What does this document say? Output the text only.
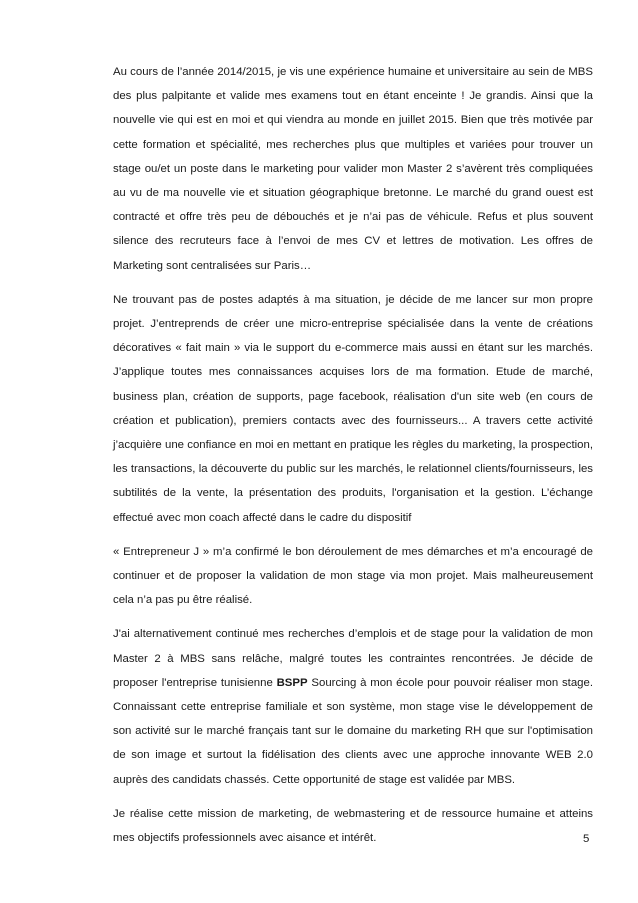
Au cours de l’année 2014/2015, je vis une expérience humaine et universitaire au sein de MBS des plus palpitante et valide mes examens tout en étant enceinte ! Je grandis. Ainsi que la nouvelle vie qui est en moi et qui viendra au monde en juillet 2015. Bien que très motivée par cette formation et spécialité, mes recherches plus que multiples et variées pour trouver un stage ou/et un poste dans le marketing pour valider mon Master 2 s’avèrent très compliquées au vu de ma nouvelle vie et situation géographique bretonne. Le marché du grand ouest est contracté et offre très peu de débouchés et je n’ai pas de véhicule. Refus et plus souvent silence des recruteurs face à l’envoi de mes CV et lettres de motivation. Les offres de Marketing sont centralisées sur Paris…

Ne trouvant pas de postes adaptés à ma situation, je décide de me lancer sur mon propre projet. J’entreprends de créer une micro-entreprise spécialisée dans la vente de créations décoratives « fait main » via le support du e-commerce mais aussi en étant sur les marchés. J’applique toutes mes connaissances acquises lors de ma formation. Etude de marché, business plan, création de supports, page facebook, réalisation d'un site web (en cours de création et publication), premiers contacts avec des fournisseurs... A travers cette activité j’acquière une confiance en moi en mettant en pratique les règles du marketing, la prospection, les transactions, la découverte du public sur les marchés, le relationnel clients/fournisseurs, les subtilités de la vente, la présentation des produits, l'organisation et la gestion. L’échange effectué avec mon coach affecté dans le cadre du dispositif

« Entrepreneur J » m’a confirmé le bon déroulement de mes démarches et m’a encouragé de continuer et de proposer la validation de mon stage via mon projet. Mais malheureusement cela n’a pas pu être réalisé.

J'ai alternativement continué mes recherches d’emplois et de stage pour la validation de mon Master 2 à MBS sans relâche, malgré toutes les contraintes rencontrées. Je décide de proposer l'entreprise tunisienne BSPP Sourcing à mon école pour pouvoir réaliser mon stage. Connaissant cette entreprise familiale et son système, mon stage vise le développement de son activité sur le marché français tant sur le domaine du marketing RH que sur l'optimisation de son image et surtout la fidélisation des clients avec une approche innovante WEB 2.0 auprès des candidats chassés. Cette opportunité de stage est validée par MBS.

Je réalise cette mission de marketing, de webmastering et de ressource humaine et atteins mes objectifs professionnels avec aisance et intérêt.	5
